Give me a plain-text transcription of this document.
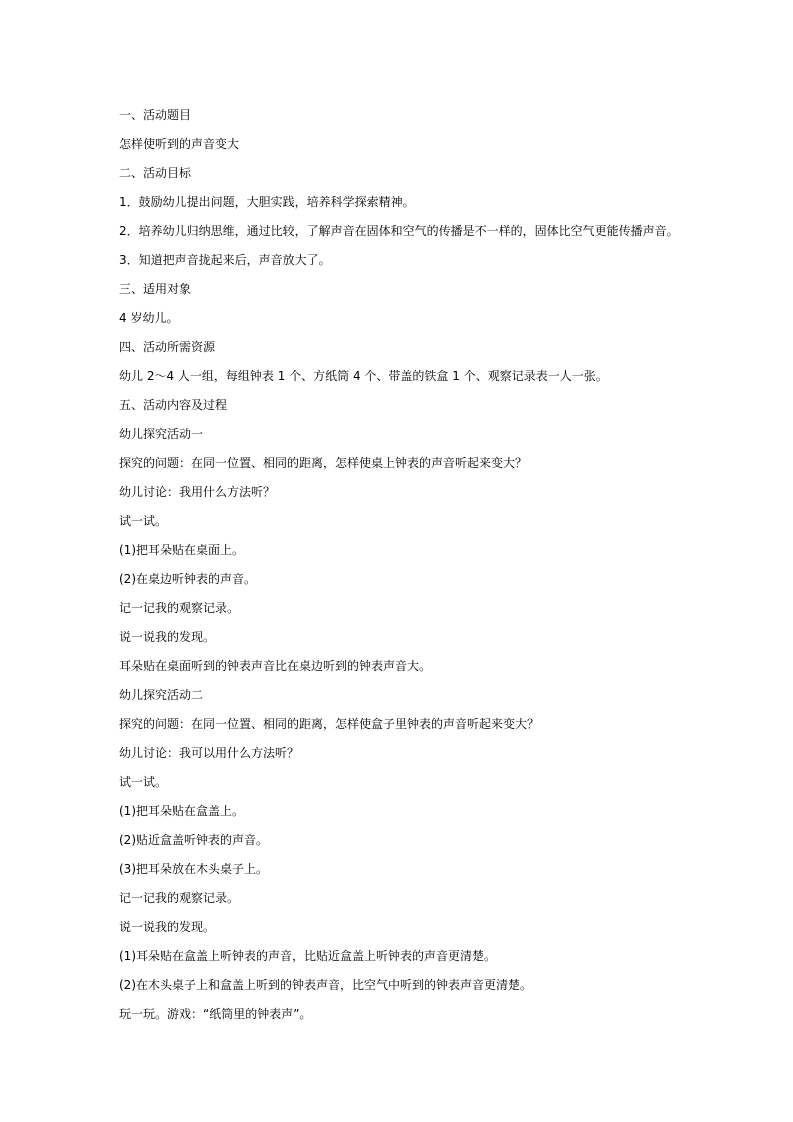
一、活动题目

怎样使听到的声音变大

二、活动目标

1．鼓励幼儿提出问题，大胆实践，培养科学探索精神。

2．培养幼儿归纳思维，通过比较，了解声音在固体和空气的传播是不一样的，固体比空气更能传播声音。

3．知道把声音拢起来后，声音放大了。

三、适用对象

4 岁幼儿。

四、活动所需资源

幼儿 2～4 人一组，每组钟表 1 个、方纸筒 4 个、带盖的铁盒 1 个、观察记录表一人一张。

五、活动内容及过程

幼儿探究活动一

探究的问题：在同一位置、相同的距离，怎样使桌上钟表的声音听起来变大？

幼儿讨论：我用什么方法听？

试一试。

(1)把耳朵贴在桌面上。

(2)在桌边听钟表的声音。

记一记我的观察记录。

说一说我的发现。

耳朵贴在桌面听到的钟表声音比在桌边听到的钟表声音大。

幼儿探究活动二

探究的问题：在同一位置、相同的距离，怎样使盒子里钟表的声音听起来变大？

幼儿讨论：我可以用什么方法听？

试一试。

(1)把耳朵贴在盒盖上。

(2)贴近盒盖听钟表的声音。

(3)把耳朵放在木头桌子上。

记一记我的观察记录。

说一说我的发现。

(1)耳朵贴在盒盖上听钟表的声音，比贴近盒盖上听钟表的声音更清楚。

(2)在木头桌子上和盒盖上听到的钟表声音，比空气中听到的钟表声音更清楚。

玩一玩。游戏：“纸筒里的钟表声”。
